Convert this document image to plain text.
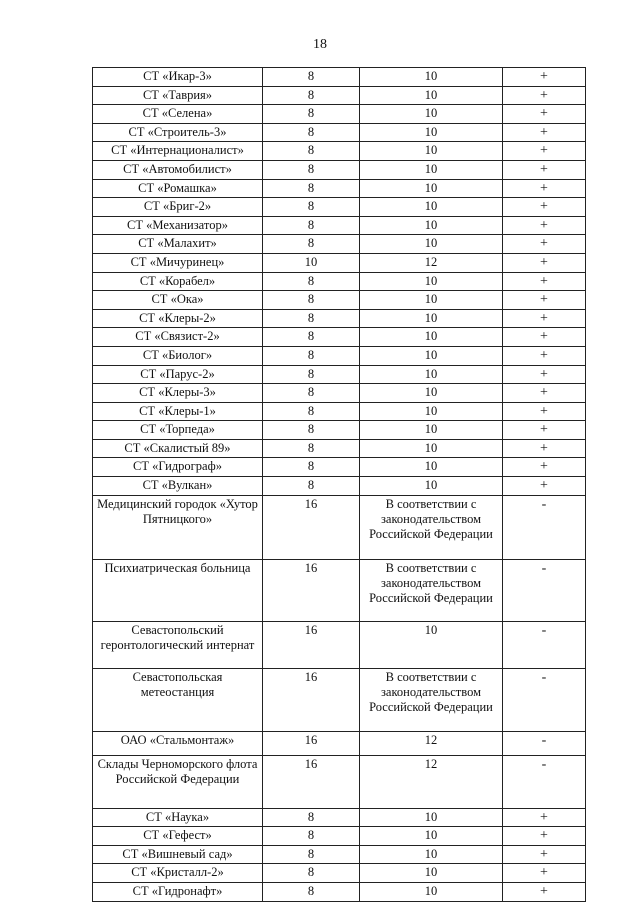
18
СТ «Икар-3»	8	10	+
СТ «Таврия»	8	10	+
СТ «Селена»	8	10	+
СТ «Строитель-3»	8	10	+
СТ «Интернационалист»	8	10	+
СТ «Автомобилист»	8	10	+
СТ «Ромашка»	8	10	+
СТ «Бриг-2»	8	10	+
СТ «Механизатор»	8	10	+
СТ «Малахит»	8	10	+
СТ «Мичуринец»	10	12	+
СТ «Корабел»	8	10	+
СТ «Ока»	8	10	+
СТ «Клеры-2»	8	10	+
СТ «Связист-2»	8	10	+
СТ «Биолог»	8	10	+
СТ «Парус-2»	8	10	+
СТ «Клеры-3»	8	10	+
СТ «Клеры-1»	8	10	+
СТ «Торпеда»	8	10	+
СТ «Скалистый 89»	8	10	+
СТ «Гидрограф»	8	10	+
СТ «Вулкан»	8	10	+
Медицинский городок «Хутор Пятницкого»	16	В соответствии с законодательством Российской Федерации	-
Психиатрическая больница	16	В соответствии с законодательством Российской Федерации	-
Севастопольский геронтологический интернат	16	10	-
Севастопольская метеостанция	16	В соответствии с законодательством Российской Федерации	-
ОАО «Стальмонтаж»	16	12	-
Склады Черноморского флота Российской Федерации	16	12	-
СТ «Наука»	8	10	+
СТ «Гефест»	8	10	+
СТ «Вишневый сад»	8	10	+
СТ «Кристалл-2»	8	10	+
СТ «Гидронафт»	8	10	+
